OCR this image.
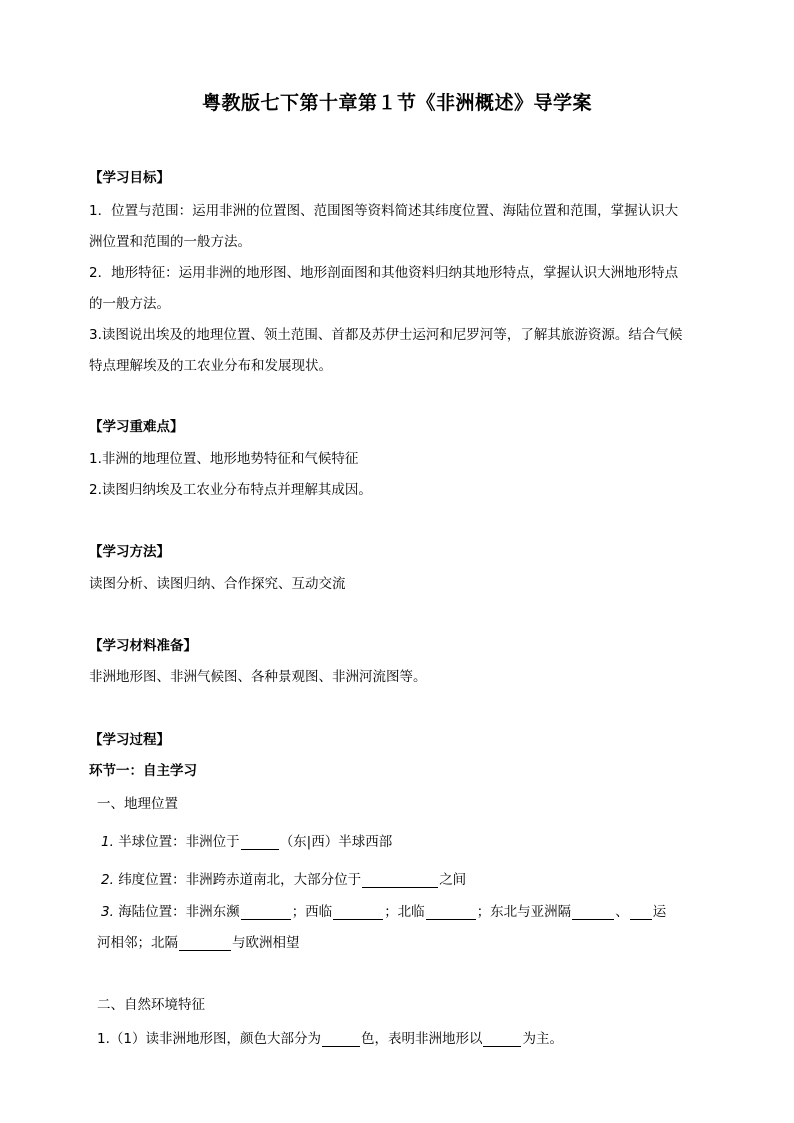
粤教版七下第十章第１节《非洲概述》导学案
【学习目标】
1．位置与范围：运用非洲的位置图、范围图等资料简述其纬度位置、海陆位置和范围，掌握认识大
洲位置和范围的一般方法。
2．地形特征：运用非洲的地形图、地形剖面图和其他资料归纳其地形特点，掌握认识大洲地形特点
的一般方法。
3.读图说出埃及的地理位置、领土范围、首都及苏伊士运河和尼罗河等，了解其旅游资源。结合气候
特点理解埃及的工农业分布和发展现状。
【学习重难点】
1.非洲的地理位置、地形地势特征和气候特征
2.读图归纳埃及工农业分布特点并理解其成因。
【学习方法】
读图分析、读图归纳、合作探究、互动交流
【学习材料准备】
非洲地形图、非洲气候图、各种景观图、非洲河流图等。
【学习过程】
环节一：自主学习
一、地理位置
1. 半球位置：非洲位于	（东|西）半球西部
2. 纬度位置：非洲跨赤道南北，大部分位于	之间
3. 海陆位置：非洲东濒	；西临	；北临	；东北与亚洲隔	、 运
河相邻；北隔	与欧洲相望
二、自然环境特征
1.（1）读非洲地形图，颜色大部分为	色，表明非洲地形以	为主。
